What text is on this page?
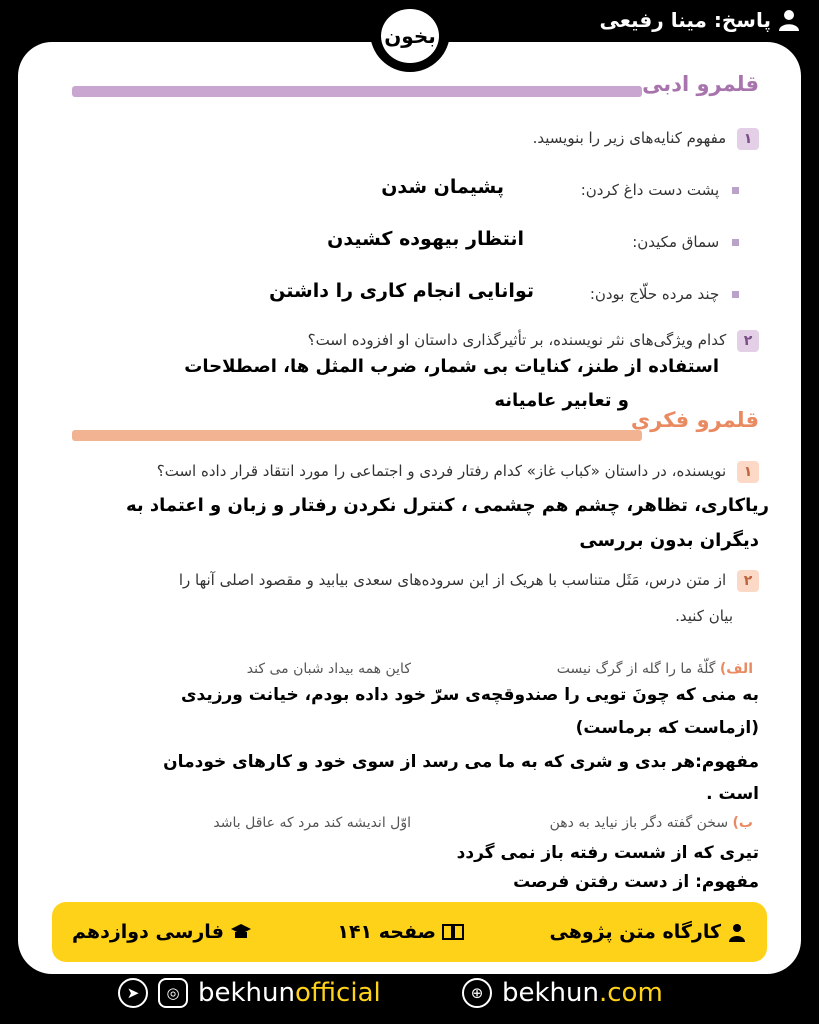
پاسخ: مینا رفیعی
بخون
قلمرو ادبی
۱ مفهوم کنایه‌های زیر را بنویسید.
پشت دست داغ کردن:
پشیمان شدن
سماق مکیدن:
انتظار بیهوده کشیدن
چند مرده حلّاج بودن:
توانایی انجام کاری را داشتن
۲ کدام ویژگی‌های نثر نویسنده، بر تأثیرگذاری داستان او افزوده است؟
استفاده از طنز، کنایات بی شمار، ضرب المثل ها، اصطلاحات
و تعابیر عامیانه
قلمرو فکری
۱ نویسنده، در داستان «کباب غاز» کدام رفتار فردی و اجتماعی را مورد انتقاد قرار داده است؟
ریاکاری، تظاهر، چشم هم چشمی ، کنترل نکردن رفتار و زبان و اعتماد به
دیگران بدون بررسی
۲ از متن درس، مَثَل متناسب با هریک از این سروده‌های سعدی بیابید و مقصود اصلی آنها را
بیان کنید.
الف) گلّهٔ ما را گله از گرگ نیست
کاین همه بیداد شبان می کند
به منی که چونَ تویی را صندوقچه‌ی سرّ خود داده بودم، خیانت ورزیدی
(ازماست که برماست)
مفهوم:هر بدی و شری که به ما می رسد از سوی خود و کارهای خودمان
است .
ب) سخن گفته دگر باز نیاید به دهن
اوّل اندیشه کند مرد که عاقل باشد
تیری که از شست رفته باز نمی گردد
مفهوم: از دست رفتن فرصت
کارگاه متن پژوهی
صفحه ۱۴۱
فارسی دوازدهم
➤	◎ bekhunofficial	⊕ bekhun.com
